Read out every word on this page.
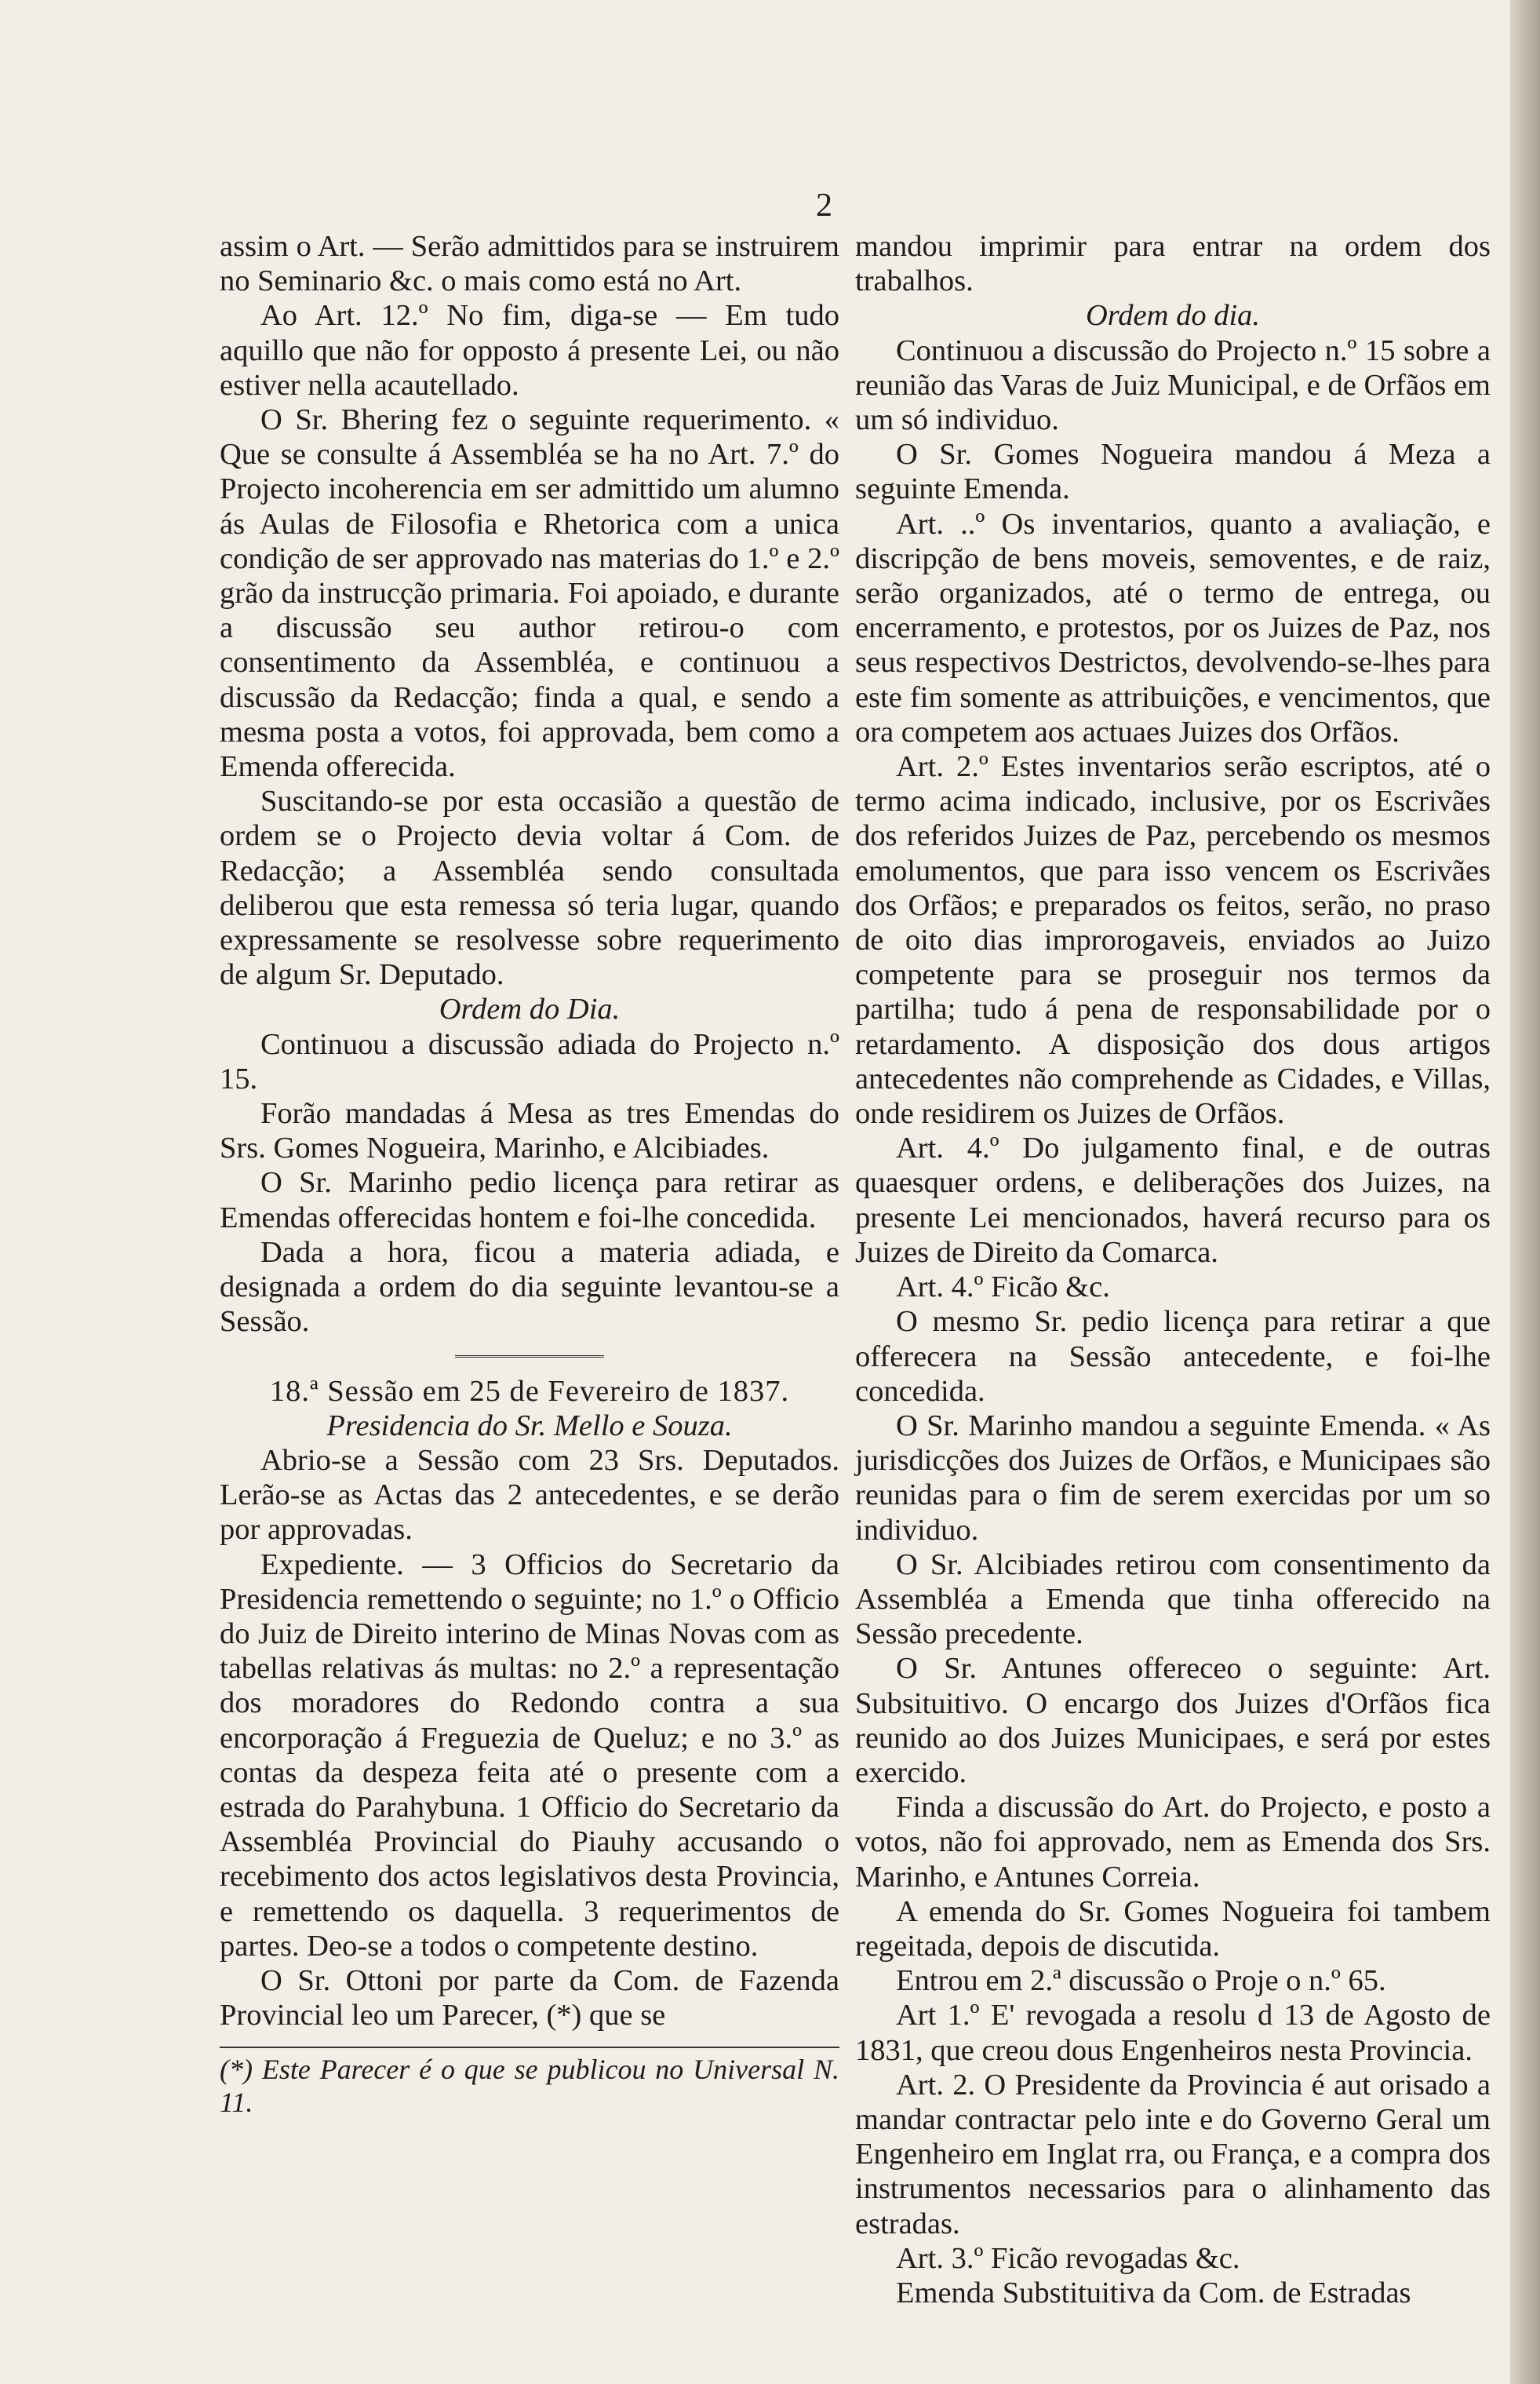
2

assim o Art. — Serão admittidos para se instruirem no Seminario &c. o mais como está no Art.

Ao Art. 12.º No fim, diga-se — Em tudo aquillo que não for opposto á presente Lei, ou não estiver nella acautellado.

O Sr. Bhering fez o seguinte requerimento. « Que se consulte á Assembléa se ha no Art. 7.º do Projecto incoherencia em ser admittido um alumno ás Aulas de Filosofia e Rhetorica com a unica condição de ser approvado nas materias do 1.º e 2.º grão da instrucção primaria. Foi apoiado, e durante a discussão seu author retirou-o com consentimento da Assembléa, e continuou a discussão da Redacção; finda a qual, e sendo a mesma posta a votos, foi approvada, bem como a Emenda offerecida.

Suscitando-se por esta occasião a questão de ordem se o Projecto devia voltar á Com. de Redacção; a Assembléa sendo consultada deliberou que esta remessa só teria lugar, quando expressamente se resolvesse sobre requerimento de algum Sr. Deputado.

Ordem do Dia.

Continuou a discussão adiada do Projecto n.º 15.

Forão mandadas á Mesa as tres Emendas do Srs. Gomes Nogueira, Marinho, e Alcibiades.

O Sr. Marinho pedio licença para retirar as Emendas offerecidas hontem e foi-lhe concedida.

Dada a hora, ficou a materia adiada, e designada a ordem do dia seguinte levantou-se a Sessão.

18.ª Sessão em 25 de Fevereiro de 1837.

Presidencia do Sr. Mello e Souza.

Abrio-se a Sessão com 23 Srs. Deputados. Lerão-se as Actas das 2 antecedentes, e se derão por approvadas.

Expediente. — 3 Officios do Secretario da Presidencia remettendo o seguinte; no 1.º o Officio do Juiz de Direito interino de Minas Novas com as tabellas relativas ás multas: no 2.º a representação dos moradores do Redondo contra a sua encorporação á Freguezia de Queluz; e no 3.º as contas da despeza feita até o presente com a estrada do Parahybuna. 1 Officio do Secretario da Assembléa Provincial do Piauhy accusando o recebimento dos actos legislativos desta Provincia, e remettendo os daquella. 3 requerimentos de partes. Deo-se a todos o competente destino.

O Sr. Ottoni por parte da Com. de Fazenda Provincial leo um Parecer, (*) que se

(*) Este Parecer é o que se publicou no Universal N. 11.

mandou imprimir para entrar na ordem dos trabalhos.

Ordem do dia.

Continuou a discussão do Projecto n.º 15 sobre a reunião das Varas de Juiz Municipal, e de Orfãos em um só individuo.

O Sr. Gomes Nogueira mandou á Meza a seguinte Emenda.

Art. ..º Os inventarios, quanto a avaliação, e discripção de bens moveis, semoventes, e de raiz, serão organizados, até o termo de entrega, ou encerramento, e protestos, por os Juizes de Paz, nos seus respectivos Destrictos, devolvendo-se-lhes para este fim somente as attribuições, e vencimentos, que ora competem aos actuaes Juizes dos Orfãos.

Art. 2.º Estes inventarios serão escriptos, até o termo acima indicado, inclusive, por os Escrivães dos referidos Juizes de Paz, percebendo os mesmos emolumentos, que para isso vencem os Escrivães dos Orfãos; e preparados os feitos, serão, no praso de oito dias improrogaveis, enviados ao Juizo competente para se proseguir nos termos da partilha; tudo á pena de responsabilidade por o retardamento. A disposição dos dous artigos antecedentes não comprehende as Cidades, e Villas, onde residirem os Juizes de Orfãos.

Art. 4.º Do julgamento final, e de outras quaesquer ordens, e deliberações dos Juizes, na presente Lei mencionados, haverá recurso para os Juizes de Direito da Comarca.

Art. 4.º Ficão &c.

O mesmo Sr. pedio licença para retirar a que offerecera na Sessão antecedente, e foi-lhe concedida.

O Sr. Marinho mandou a seguinte Emenda. « As jurisdicções dos Juizes de Orfãos, e Municipaes são reunidas para o fim de serem exercidas por um so individuo.

O Sr. Alcibiades retirou com consentimento da Assembléa a Emenda que tinha offerecido na Sessão precedente.

O Sr. Antunes offereceo o seguinte: Art. Subsituitivo. O encargo dos Juizes d'Orfãos fica reunido ao dos Juizes Municipaes, e será por estes exercido.

Finda a discussão do Art. do Projecto, e posto a votos, não foi approvado, nem as Emenda dos Srs. Marinho, e Antunes Correia.

A emenda do Sr. Gomes Nogueira foi tambem regeitada, depois de discutida.

Entrou em 2.ª discussão o Proje o n.º 65.

Art 1.º E' revogada a resolu d 13 de Agosto de 1831, que creou dous Engenheiros nesta Provincia.

Art. 2. O Presidente da Provincia é aut orisado a mandar contractar pelo inte e do Governo Geral um Engenheiro em Inglat rra, ou França, e a compra dos instrumentos necessarios para o alinhamento das estradas.

Art. 3.º Ficão revogadas &c.

Emenda Substituitiva da Com. de Estradas
